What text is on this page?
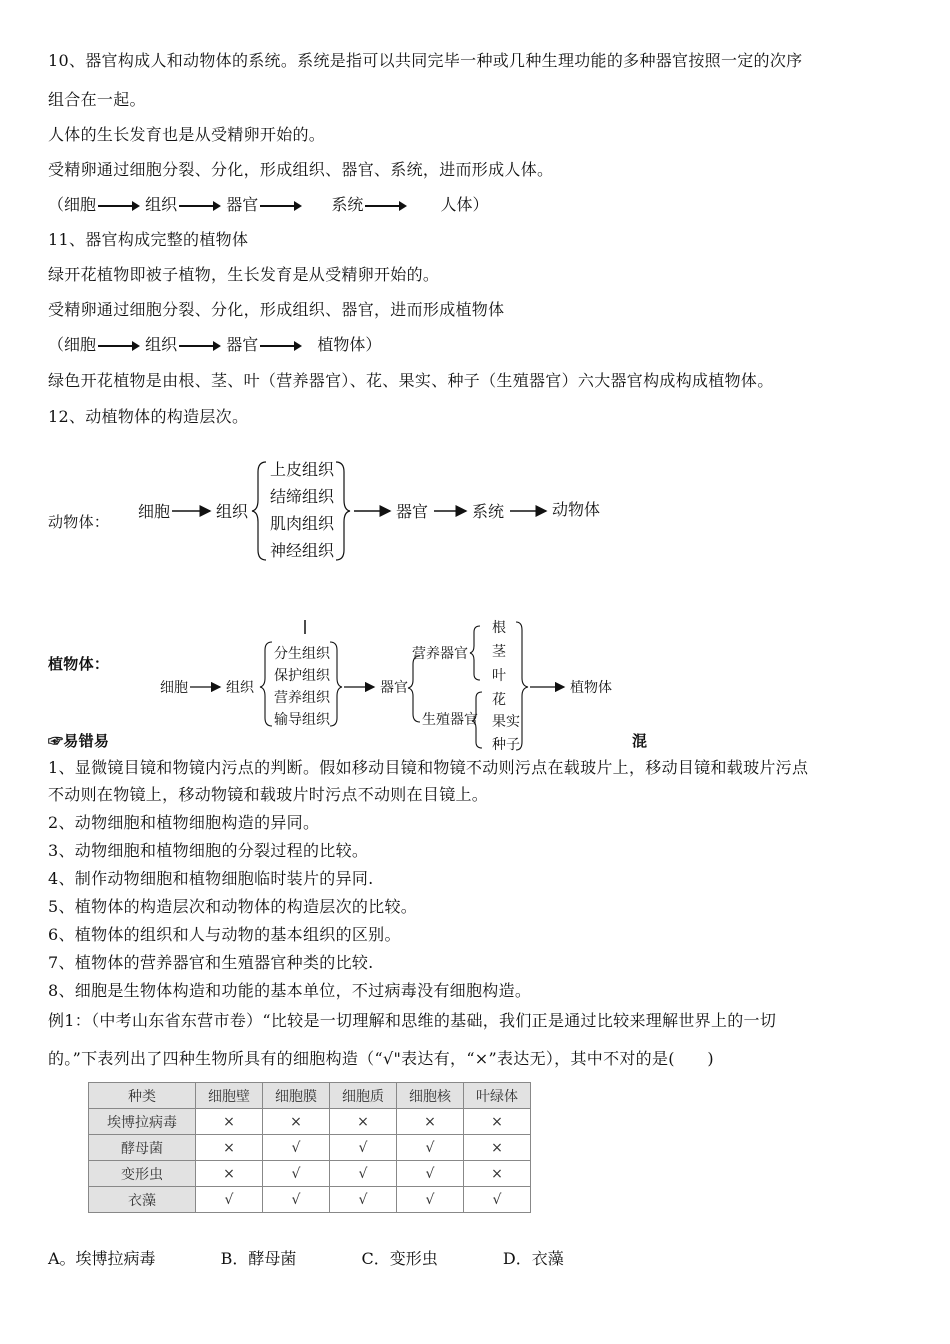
10、器官构成人和动物体的系统。系统是指可以共同完毕一种或几种生理功能的多种器官按照一定的次序
组合在一起。
人体的生长发育也是从受精卵开始的。
受精卵通过细胞分裂、分化，形成组织、器官、系统，进而形成人体。
（细胞	组织	器官	系统	人体）
11、器官构成完整的植物体
绿开花植物即被子植物，生长发育是从受精卵开始的。
受精卵通过细胞分裂、分化，形成组织、器官，进而形成植物体
（细胞	组织	器官	植物体）
绿色开花植物是由根、茎、叶（营养器官）、花、果实、种子（生殖器官）六大器官构成构成植物体。
12、动植物体的构造层次。
动物体：
细胞	组织
上皮组织
结缔组织
肌肉组织
神经组织
器官	系统	动物体
植物体：
细胞	组织
分生组织
保护组织
营养组织
输导组织
器官
营养器官
生殖器官
根
茎
叶
花
果实
种子
植物体
☞易错易	混
1、显微镜目镜和物镜内污点的判断。假如移动目镜和物镜不动则污点在载玻片上，移动目镜和载玻片污点
不动则在物镜上，移动物镜和载玻片时污点不动则在目镜上。
2、动物细胞和植物细胞构造的异同。
3、动物细胞和植物细胞的分裂过程的比较。
4、制作动物细胞和植物细胞临时装片的异同.
5、植物体的构造层次和动物体的构造层次的比较。
6、植物体的组织和人与动物的基本组织的区别。
7、植物体的营养器官和生殖器官种类的比较.
8、细胞是生物体构造和功能的基本单位，不过病毒没有细胞构造。
例1：（中考山东省东营市卷）“比较是一切理解和思维的基础，我们正是通过比较来理解世界上的一切
的。”下表列出了四种生物所具有的细胞构造（“√"表达有，“×”表达无），其中不对的是(　　)
种类	细胞壁	细胞膜	细胞质	细胞核	叶绿体
埃博拉病毒	×	×	×	×	×
酵母菌	×	√	√	√	×
变形虫	×	√	√	√	×
衣藻	√	√	√	√	√
A。埃博拉病毒	B．酵母菌	C．变形虫	D．衣藻
